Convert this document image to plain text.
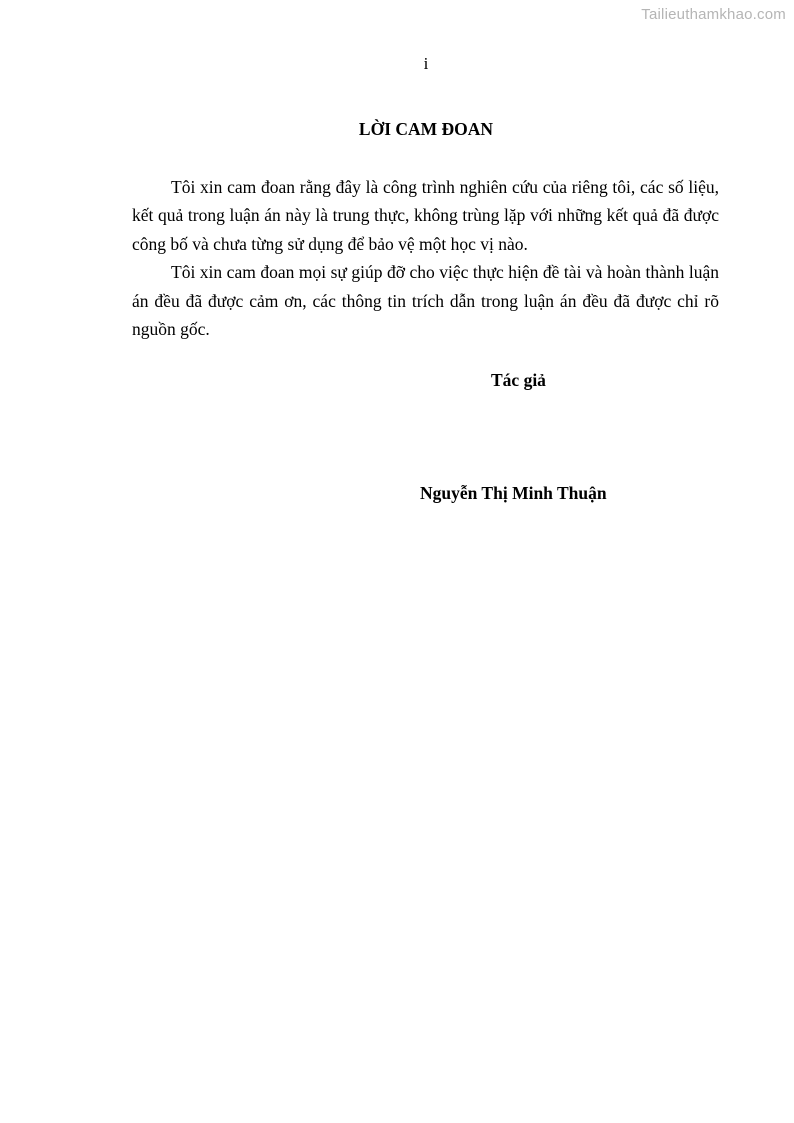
Tailieuthamkhao.com
i
LỜI CAM ĐOAN

Tôi xin cam đoan rằng đây là công trình nghiên cứu của riêng tôi, các số liệu, kết quả trong luận án này là trung thực, không trùng lặp với những kết quả đã được công bố và chưa từng sử dụng để bảo vệ một học vị nào.

Tôi xin cam đoan mọi sự giúp đỡ cho việc thực hiện đề tài và hoàn thành luận án đều đã được cảm ơn, các thông tin trích dẫn trong luận án đều đã được chỉ rõ nguồn gốc.

Tác giả
Nguyễn Thị Minh Thuận
